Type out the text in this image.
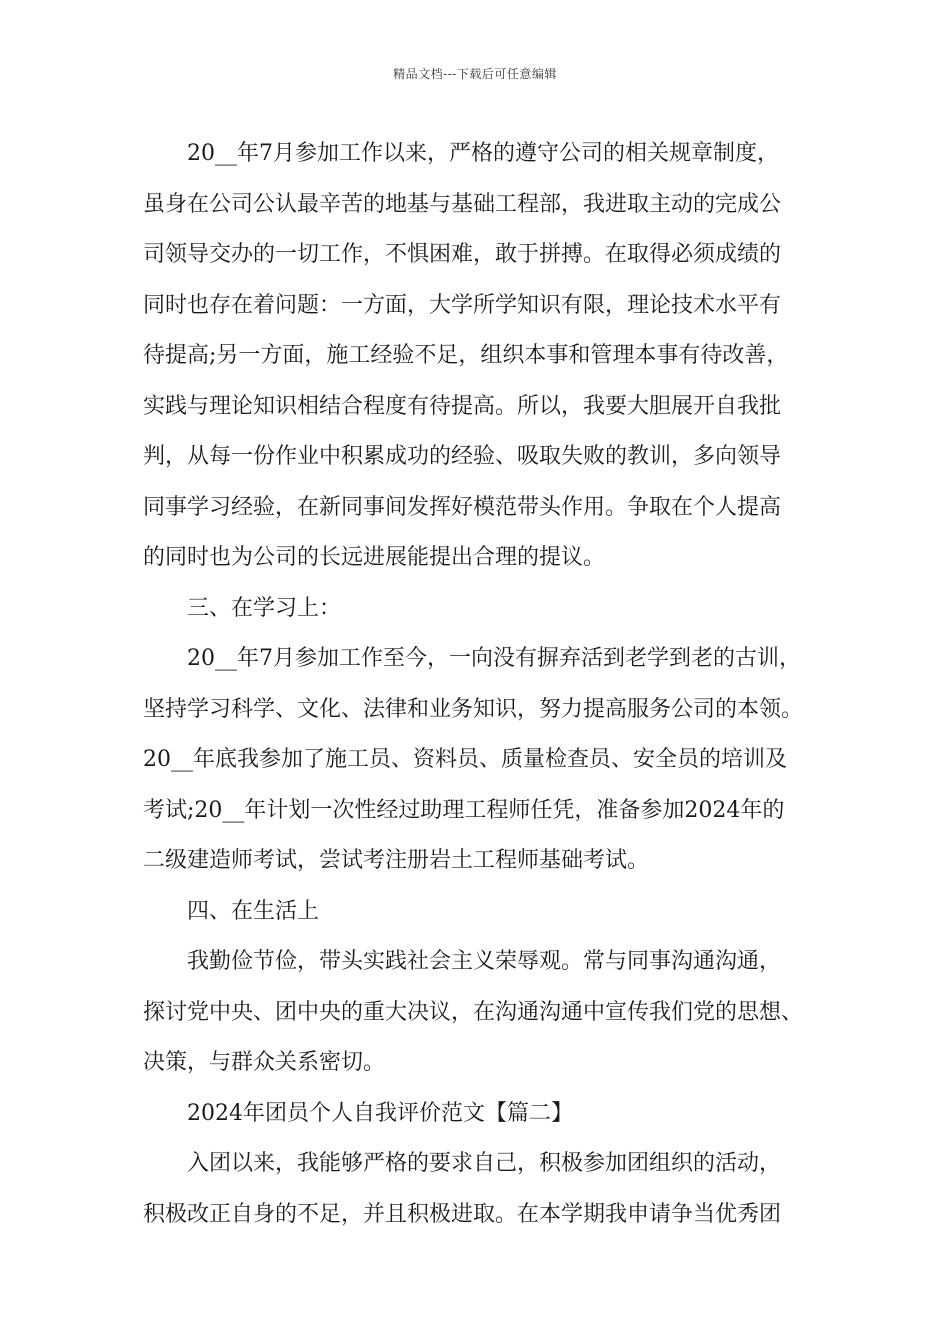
精品文档---下载后可任意编辑
20__年7月参加工作以来，严格的遵守公司的相关规章制度，
虽身在公司公认最辛苦的地基与基础工程部，我进取主动的完成公
司领导交办的一切工作，不惧困难，敢于拼搏。在取得必须成绩的
同时也存在着问题：一方面，大学所学知识有限，理论技术水平有
待提高;另一方面，施工经验不足，组织本事和管理本事有待改善，
实践与理论知识相结合程度有待提高。所以，我要大胆展开自我批
判，从每一份作业中积累成功的经验、吸取失败的教训，多向领导
同事学习经验，在新同事间发挥好模范带头作用。争取在个人提高
的同时也为公司的长远进展能提出合理的提议。
三、在学习上：
20__年7月参加工作至今，一向没有摒弃活到老学到老的古训，
坚持学习科学、文化、法律和业务知识，努力提高服务公司的本领。
20__年底我参加了施工员、资料员、质量检查员、安全员的培训及
考试;20__年计划一次性经过助理工程师任凭，准备参加2024年的
二级建造师考试，尝试考注册岩土工程师基础考试。
四、在生活上
我勤俭节俭，带头实践社会主义荣辱观。常与同事沟通沟通，
探讨党中央、团中央的重大决议，在沟通沟通中宣传我们党的思想、
决策，与群众关系密切。
2024年团员个人自我评价范文【篇二】
入团以来，我能够严格的要求自己，积极参加团组织的活动，
积极改正自身的不足，并且积极进取。在本学期我申请争当优秀团
